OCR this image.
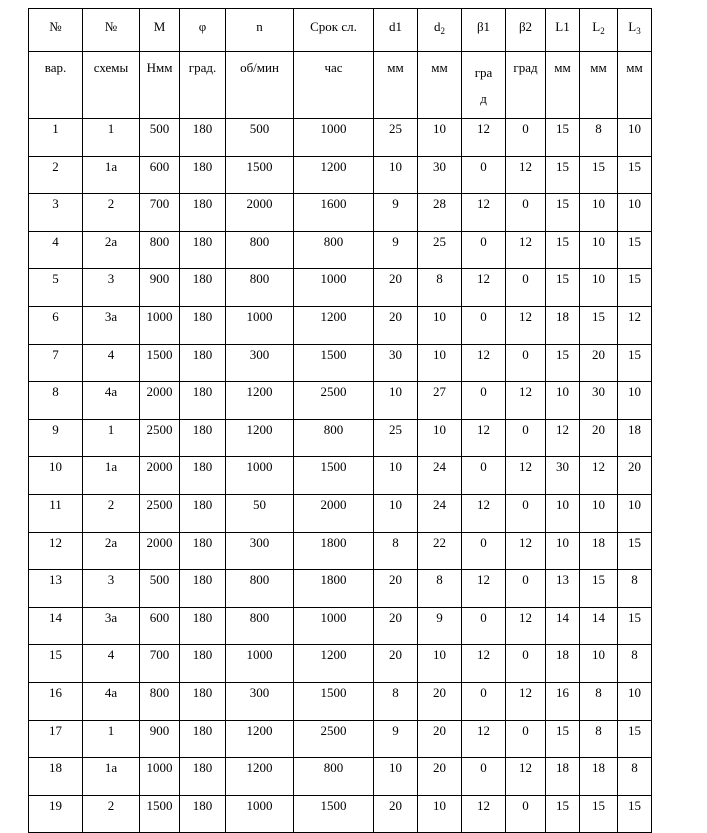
№	№	М	φ	n	Срок сл.	d1	$d_2$	β1	β2	L1	$L_2$	$L_3$
вар.	схемы	Нмм	град.	об/мин	час	мм	мм	град	град	мм	мм	мм
1	1	500	180	500	1000	25	10	12	0	15	8	10
2	1а	600	180	1500	1200	10	30	0	12	15	15	15
3	2	700	180	2000	1600	9	28	12	0	15	10	10
4	2а	800	180	800	800	9	25	0	12	15	10	15
5	3	900	180	800	1000	20	8	12	0	15	10	15
6	3а	1000	180	1000	1200	20	10	0	12	18	15	12
7	4	1500	180	300	1500	30	10	12	0	15	20	15
8	4а	2000	180	1200	2500	10	27	0	12	10	30	10
9	1	2500	180	1200	800	25	10	12	0	12	20	18
10	1а	2000	180	1000	1500	10	24	0	12	30	12	20
11	2	2500	180	50	2000	10	24	12	0	10	10	10
12	2а	2000	180	300	1800	8	22	0	12	10	18	15
13	3	500	180	800	1800	20	8	12	0	13	15	8
14	3а	600	180	800	1000	20	9	0	12	14	14	15
15	4	700	180	1000	1200	20	10	12	0	18	10	8
16	4а	800	180	300	1500	8	20	0	12	16	8	10
17	1	900	180	1200	2500	9	20	12	0	15	8	15
18	1а	1000	180	1200	800	10	20	0	12	18	18	8
19	2	1500	180	1000	1500	20	10	12	0	15	15	15
